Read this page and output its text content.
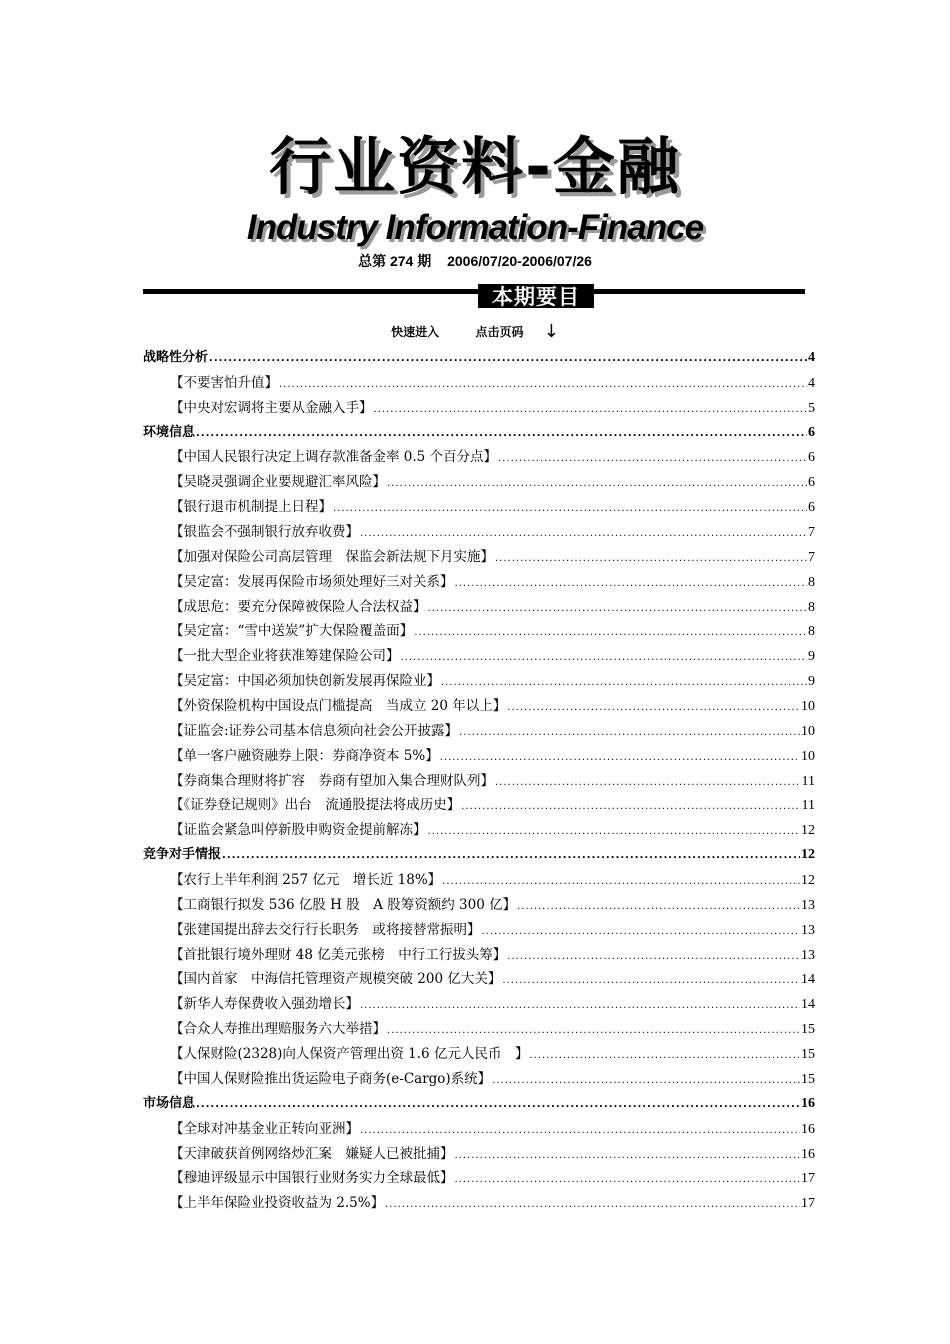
行业资料-金融
Industry Information-Finance
总第 274 期 2006/07/20-2006/07/26
本期要目
快速进入	点击页码 ↓
战略性分析 .....	4
【不要害怕升值】 .....	4
【中央对宏调将主要从金融入手】 .....	5
环境信息 .....	6
【中国人民银行决定上调存款准备金率 0.5 个百分点】 .....	6
【吴晓灵强调企业要规避汇率风险】 .....	6
【银行退市机制提上日程】 .....	6
【银监会不强制银行放弃收费】 .....	7
【加强对保险公司高层管理　保监会新法规下月实施】 .....	7
【吴定富：发展再保险市场须处理好三对关系】 .....	8
【成思危：要充分保障被保险人合法权益】 .....	8
【吴定富：“雪中送炭”扩大保险覆盖面】 .....	8
【一批大型企业将获准筹建保险公司】 .....	9
【吴定富：中国必须加快创新发展再保险业】 .....	9
【外资保险机构中国设点门槛提高　当成立 20 年以上】 .....	10
【证监会:证券公司基本信息须向社会公开披露】 .....	10
【单一客户融资融券上限：券商净资本 5%】 .....	10
【券商集合理财将扩容　券商有望加入集合理财队列】 .....	11
【《证券登记规则》出台　流通股提法将成历史】 .....	11
【证监会紧急叫停新股申购资金提前解冻】 .....	12
竞争对手情报 .....	12
【农行上半年利润 257 亿元　增长近 18%】 .....	12
【工商银行拟发 536 亿股 H 股　A 股筹资额约 300 亿】 .....	13
【张建国提出辞去交行行长职务　或将接替常振明】 .....	13
【首批银行境外理财 48 亿美元张榜　中行工行拔头筹】 .....	13
【国内首家　中海信托管理资产规模突破 200 亿大关】 .....	14
【新华人寿保费收入强劲增长】 .....	14
【合众人寿推出理赔服务六大举措】 .....	15
【人保财险(2328)向人保资产管理出资 1.6 亿元人民币　】 .....	15
【中国人保财险推出货运险电子商务(e-Cargo)系统】 .....	15
市场信息 .....	16
【全球对冲基金业正转向亚洲】 .....	16
【天津破获首例网络炒汇案　嫌疑人已被批捕】 .....	16
【穆迪评级显示中国银行业财务实力全球最低】 .....	17
【上半年保险业投资收益为 2.5%】 .....	17
